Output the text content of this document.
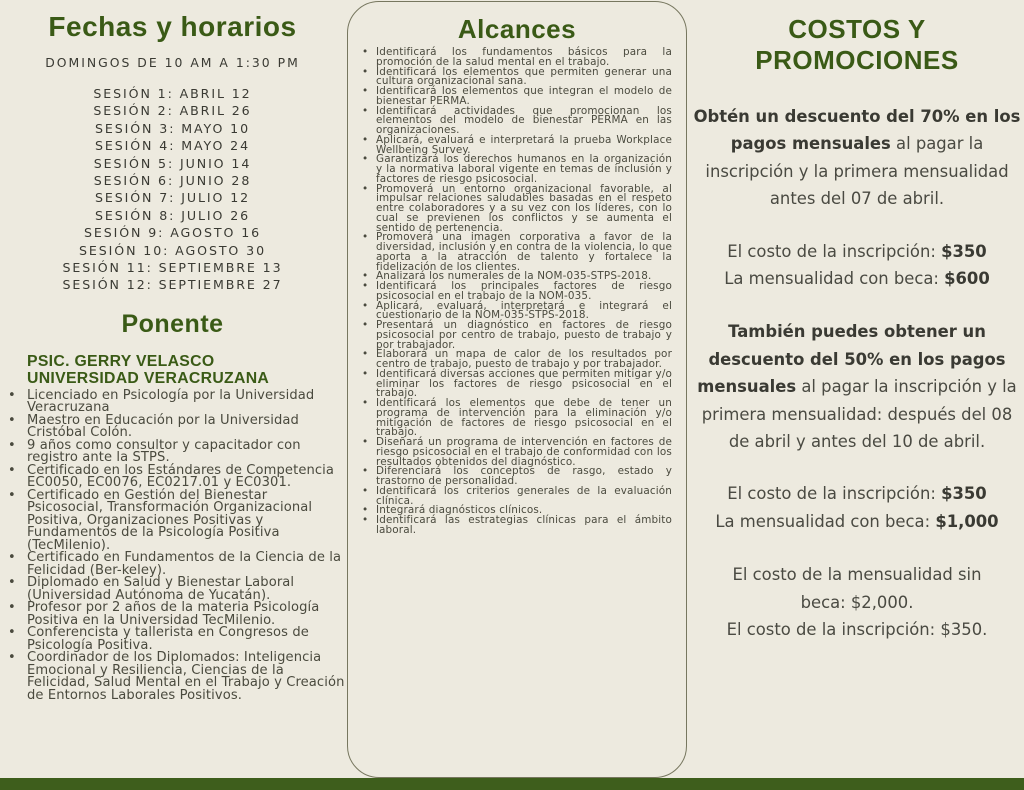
Fechas y horarios
DOMINGOS DE 10 AM A 1:30 PM
SESIÓN 1: ABRIL 12
SESIÓN 2: ABRIL 26
SESIÓN 3: MAYO 10
SESIÓN 4: MAYO 24
SESIÓN 5: JUNIO 14
SESIÓN 6: JUNIO 28
SESIÓN 7: JULIO 12
SESIÓN 8: JULIO 26
SESIÓN 9: AGOSTO 16
SESIÓN 10: AGOSTO 30
SESIÓN 11: SEPTIEMBRE 13
SESIÓN 12: SEPTIEMBRE 27
Ponente
PSIC. GERRY VELASCO
UNIVERSIDAD VERACRUZANA
• Licenciado en Psicología por la Universidad Veracruzana
• Maestro en Educación por la Universidad Cristóbal Colón.
• 9 años como consultor y capacitador con registro ante la STPS.
• Certificado en los Estándares de Competencia EC0050, EC0076, EC0217.01 y EC0301.
• Certificado en Gestión del Bienestar Psicosocial, Transformación Organizacional Positiva, Organizaciones Positivas y Fundamentos de la Psicología Positiva (TecMilenio).
• Certificado en Fundamentos de la Ciencia de la Felicidad (Ber-keley).
• Diplomado en Salud y Bienestar Laboral (Universidad Autónoma de Yucatán).
• Profesor por 2 años de la materia Psicología Positiva en la Universidad TecMilenio.
• Conferencista y tallerista en Congresos de Psicología Positiva.
• Coordinador de los Diplomados: Inteligencia Emocional y Resiliencia, Ciencias de la Felicidad, Salud Mental en el Trabajo y Creación de Entornos Laborales Positivos.
Alcances
• Identificará los fundamentos básicos para la promoción de la salud mental en el trabajo.
• Identificará los elementos que permiten generar una cultura organizacional sana.
• Identificará los elementos que integran el modelo de bienestar PERMA.
• Identificará actividades que promocionan los elementos del modelo de bienestar PERMA en las organizaciones.
• Aplicará, evaluará e interpretará la prueba Workplace Wellbeing Survey.
• Garantizará los derechos humanos en la organización y la normativa laboral vigente en temas de inclusión y factores de riesgo psicosocial.
• Promoverá un entorno organizacional favorable, al impulsar relaciones saludables basadas en el respeto entre colaboradores y a su vez con los líderes, con lo cual se previenen los conflictos y se aumenta el sentido de pertenencia.
• Promoverá una imagen corporativa a favor de la diversidad, inclusión y en contra de la violencia, lo que aporta a la atracción de talento y fortalece la fidelización de los clientes.
• Analizará los numerales de la NOM-035-STPS-2018.
• Identificará los principales factores de riesgo psicosocial en el trabajo de la NOM-035.
• Aplicará, evaluará, interpretará e integrará el cuestionario de la NOM-035-STPS-2018.
• Presentará un diagnóstico en factores de riesgo psicosocial por centro de trabajo, puesto de trabajo y por trabajador.
• Elaborará un mapa de calor de los resultados por centro de trabajo, puesto de trabajo y por trabajador.
• Identificará diversas acciones que permiten mitigar y/o eliminar los factores de riesgo psicosocial en el trabajo.
• Identificará los elementos que debe de tener un programa de intervención para la eliminación y/o mitigación de factores de riesgo psicosocial en el trabajo.
• Diseñará un programa de intervención en factores de riesgo psicosocial en el trabajo de conformidad con los resultados obtenidos del diagnóstico.
• Diferenciará los conceptos de rasgo, estado y trastorno de personalidad.
• Identificará los criterios generales de la evaluación clínica.
• Integrará diagnósticos clínicos.
• Identificará las estrategias clínicas para el ámbito laboral.
COSTOS Y
PROMOCIONES

Obtén un descuento del 70% en los pagos mensuales al pagar la inscripción y la primera mensualidad antes del 07 de abril.

El costo de la inscripción: $350

La mensualidad con beca: $600

También puedes obtener un descuento del 50% en los pagos mensuales al pagar la inscripción y la primera mensualidad: después del 08 de abril y antes del 10 de abril.

El costo de la inscripción: $350

La mensualidad con beca: $1,000

El costo de la mensualidad sin beca: $2,000.

El costo de la inscripción: $350.
